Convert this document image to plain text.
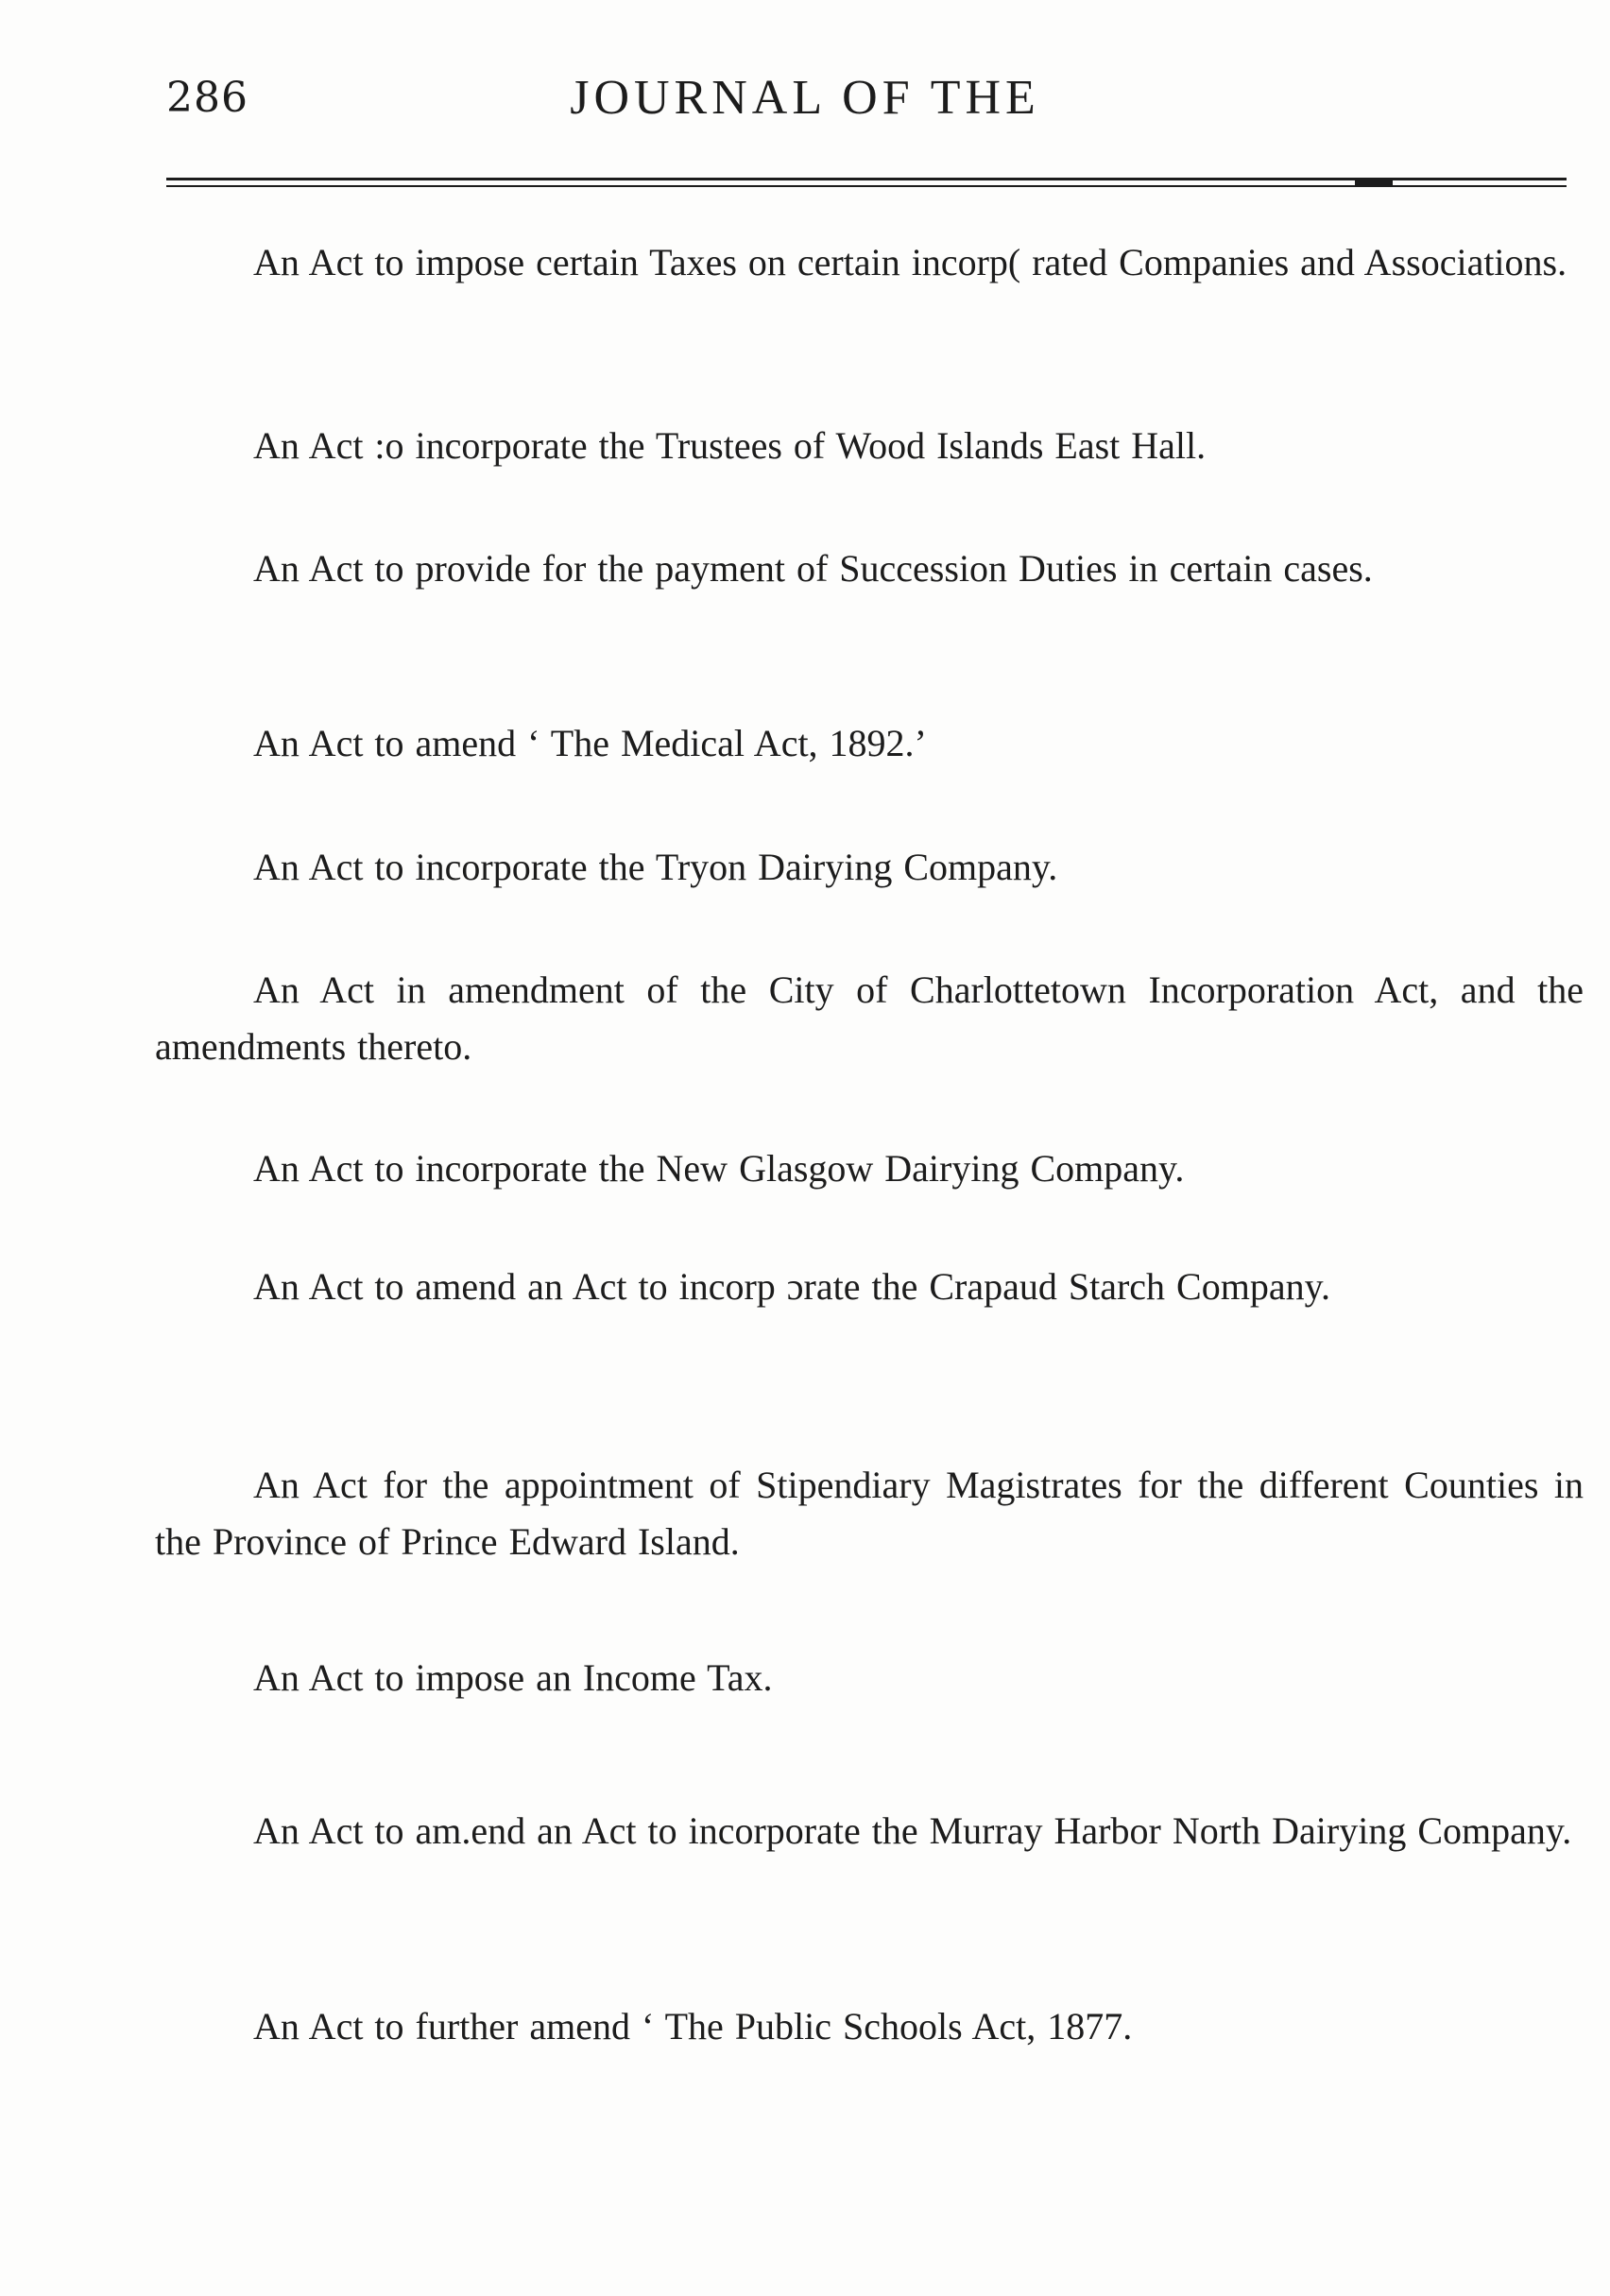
286	JOURNAL OF THE
An Act to impose certain Taxes on certain incorp( rated Companies and Associations.
An Act :o incorporate the Trustees of Wood Islands East Hall.
An Act to provide for the payment of Succession Duties in certain cases.
An Act to amend ‘ The Medical Act, 1892.’
An Act to incorporate the Tryon Dairying Company.
An Act in amendment of the City of Charlottetown Incorporation Act, and the amendments thereto.
An Act to incorporate the New Glasgow Dairying Company.
An Act to amend an Act to incorp ɔrate the Crapaud Starch Company.
An Act for the appointment of Stipendiary Magistrates for the different Counties in the Province of Prince Edward Island.
An Act to impose an Income Tax.
An Act to am.end an Act to incorporate the Murray Harbor North Dairying Company.
An Act to further amend ‘ The Public Schools Act, 1877.
